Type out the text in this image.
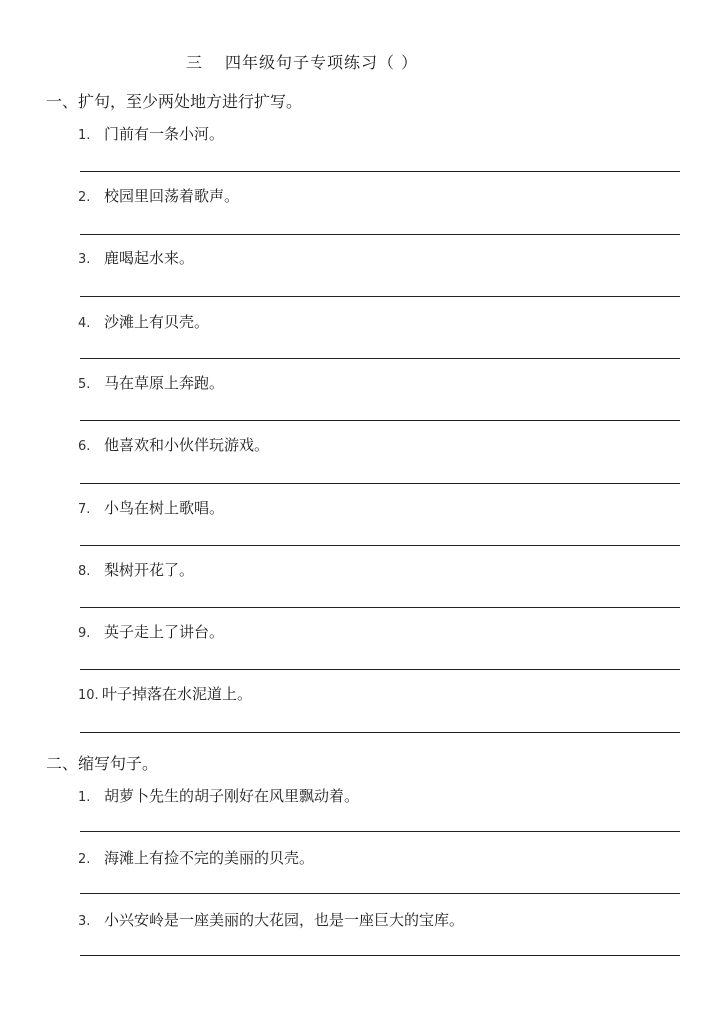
三 四年级句子专项练习（ ）
一、扩句，至少两处地方进行扩写。
1. 门前有一条小河。
2. 校园里回荡着歌声。
3. 鹿喝起水来。
4. 沙滩上有贝壳。
5. 马在草原上奔跑。
6. 他喜欢和小伙伴玩游戏。
7. 小鸟在树上歌唱。
8. 梨树开花了。
9. 英子走上了讲台。
10. 叶子掉落在水泥道上。
二、缩写句子。
1. 胡萝卜先生的胡子刚好在风里飘动着。
2. 海滩上有捡不完的美丽的贝壳。
3. 小兴安岭是一座美丽的大花园，也是一座巨大的宝库。
